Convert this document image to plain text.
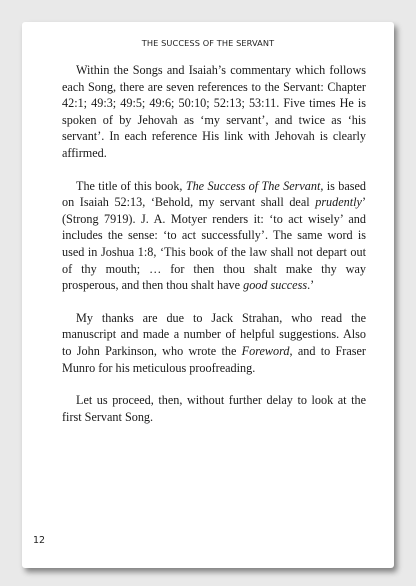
THE SUCCESS OF THE SERVANT

Within the Songs and Isaiah’s commentary which follows each Song, there are seven references to the Servant: Chapter 42:1; 49:3; 49:5; 49:6; 50:10; 52:13; 53:11. Five times He is spoken of by Jehovah as ‘my servant’, and twice as ‘his servant’. In each reference His link with Jehovah is clearly affirmed.

The title of this book, The Success of The Servant, is based on Isaiah 52:13, ‘Behold, my servant shall deal prudently’ (Strong 7919). J. A. Motyer renders it: ‘to act wisely’ and includes the sense: ‘to act successfully’. The same word is used in Joshua 1:8, ‘This book of the law shall not depart out of thy mouth; … for then thou shalt make thy way prosperous, and then thou shalt have good success.’

My thanks are due to Jack Strahan, who read the manuscript and made a number of helpful suggestions. Also to John Parkinson, who wrote the Foreword, and to Fraser Munro for his meticulous proofreading.

Let us proceed, then, without further delay to look at the first Servant Song.

12
